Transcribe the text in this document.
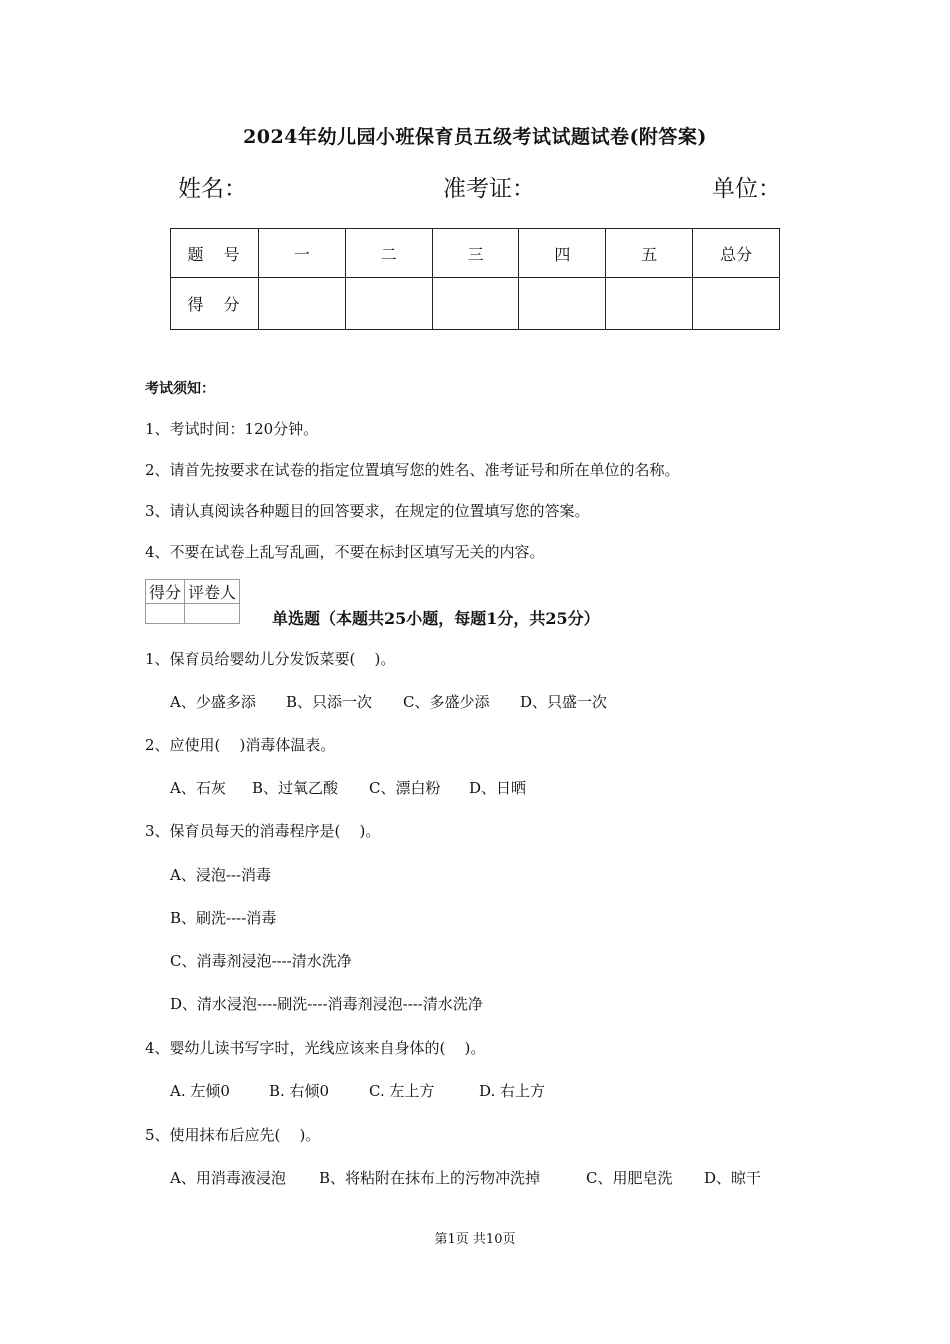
2024年幼儿园小班保育员五级考试试题试卷(附答案)
姓名：	准考证：	单位：
题　号	一	二	三	四	五	总分
得　分						
考试须知：
1、考试时间：120分钟。
2、请首先按要求在试卷的指定位置填写您的姓名、准考证号和所在单位的名称。
3、请认真阅读各种题目的回答要求，在规定的位置填写您的答案。
4、不要在试卷上乱写乱画，不要在标封区填写无关的内容。
得分	评卷人

单选题（本题共25小题，每题1分，共25分）
1、保育员给婴幼儿分发饭菜要(    )。
A、少盛多添 B、只添一次 C、多盛少添 D、只盛一次
2、应使用(    )消毒体温表。
A、石灰 B、过氧乙酸 C、漂白粉 D、日晒
3、保育员每天的消毒程序是(    )。
A、浸泡---消毒
B、刷洗----消毒
C、消毒剂浸泡----清水洗净
D、清水浸泡----刷洗----消毒剂浸泡----清水洗净
4、婴幼儿读书写字时，光线应该来自身体的(    )。
A. 左倾0	B. 右倾0	C. 左上方	D. 右上方
5、使用抹布后应先(    )。
A、用消毒液浸泡 B、将粘附在抹布上的污物冲洗掉	C、用肥皂洗 D、晾干
第1页 共10页
